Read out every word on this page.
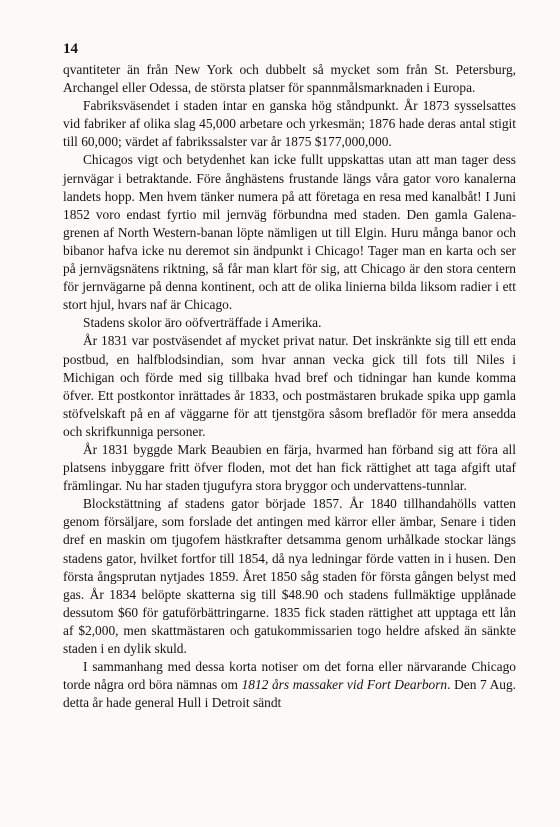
14

qvantiteter än från New York och dubbelt så mycket som från St. Petersburg, Archangel eller Odessa, de största platser för spannmålsmarknaden i Europa.

Fabriksväsendet i staden intar en ganska hög ståndpunkt. År 1873 sysselsattes vid fabriker af olika slag 45,000 arbetare och yrkesmän; 1876 hade deras antal stigit till 60,000; värdet af fabrikssalster var år 1875 $177,000,000.

Chicagos vigt och betydenhet kan icke fullt uppskattas utan att man tager dess jernvägar i betraktande. Före ånghästens frustande längs våra gator voro kanalerna landets hopp. Men hvem tänker numera på att företaga en resa med kanalbåt! I Juni 1852 voro endast fyrtio mil jernväg förbundna med staden. Den gamla Galena-grenen af North Western-banan löpte nämligen ut till Elgin. Huru många banor och bibanor hafva icke nu deremot sin ändpunkt i Chicago! Tager man en karta och ser på jernvägsnätens riktning, så får man klart för sig, att Chicago är den stora centern för jernvägarne på denna kontinent, och att de olika linierna bilda liksom radier i ett stort hjul, hvars naf är Chicago.

Stadens skolor äro oöfverträffade i Amerika.

År 1831 var postväsendet af mycket privat natur. Det inskränkte sig till ett enda postbud, en halfblodsindian, som hvar annan vecka gick till fots till Niles i Michigan och förde med sig tillbaka hvad bref och tidningar han kunde komma öfver. Ett postkontor inrättades år 1833, och postmästaren brukade spika upp gamla stöfvelskaft på en af väggarne för att tjenstgöra såsom brefladör för mera ansedda och skrifkunniga personer.

År 1831 byggde Mark Beaubien en färja, hvarmed han förband sig att föra all platsens inbyggare fritt öfver floden, mot det han fick rättighet att taga afgift utaf främlingar. Nu har staden tjugufyra stora bryggor och undervattens-tunnlar.

Blockstättning af stadens gator började 1857. År 1840 tillhandahölls vatten genom försäljare, som forslade det antingen med kärror eller ämbar, Senare i tiden dref en maskin om tjugofem hästkrafter detsamma genom urhålkade stockar längs stadens gator, hvilket fortfor till 1854, då nya ledningar förde vatten in i husen. Den första ångsprutan nytjades 1859. Året 1850 såg staden för första gången belyst med gas. År 1834 belöpte skatterna sig till $48.90 och stadens fullmäktige upplånade dessutom $60 för gatuförbättringarne. 1835 fick staden rättighet att upptaga ett lån af $2,000, men skattmästaren och gatukommissarien togo heldre afsked än sänkte staden i en dylik skuld.

I sammanhang med dessa korta notiser om det forna eller närvarande Chicago torde några ord böra nämnas om 1812 års massaker vid Fort Dearborn. Den 7 Aug. detta år hade general Hull i Detroit sändt
